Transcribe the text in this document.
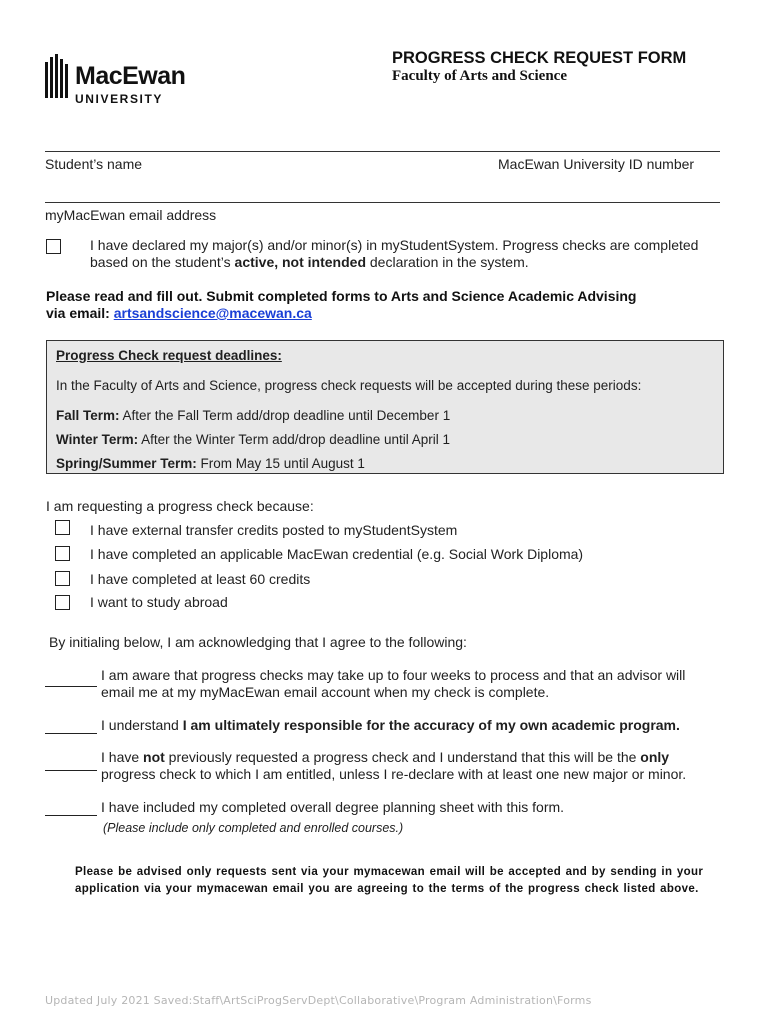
MacEwan
UNIVERSITY
PROGRESS CHECK REQUEST FORM
Faculty of Arts and Science
Student’s name	MacEwan University ID number
myMacEwan email address
I have declared my major(s) and/or minor(s) in myStudentSystem. Progress checks are completed based on the student’s active, not intended declaration in the system.
Please read and fill out. Submit completed forms to Arts and Science Academic Advising
via email: artsandscience@macewan.ca
Progress Check request deadlines:
In the Faculty of Arts and Science, progress check requests will be accepted during these periods:
Fall Term: After the Fall Term add/drop deadline until December 1
Winter Term: After the Winter Term add/drop deadline until April 1
Spring/Summer Term: From May 15 until August 1
I am requesting a progress check because:
I have external transfer credits posted to myStudentSystem
I have completed an applicable MacEwan credential (e.g. Social Work Diploma)
I have completed at least 60 credits
I want to study abroad
By initialing below, I am acknowledging that I agree to the following:
I am aware that progress checks may take up to four weeks to process and that an advisor will email me at my myMacEwan email account when my check is complete.
I understand I am ultimately responsible for the accuracy of my own academic program.
I have not previously requested a progress check and I understand that this will be the only progress check to which I am entitled, unless I re-declare with at least one new major or minor.
I have included my completed overall degree planning sheet with this form.
(Please include only completed and enrolled courses.)
Please be advised only requests sent via your mymacewan email will be accepted and by sending in your application via your mymacewan email you are agreeing to the terms of the progress check listed above.
Updated July 2021 Saved:Staff\ArtSciProgServDept\Collaborative\Program Administration\Forms
